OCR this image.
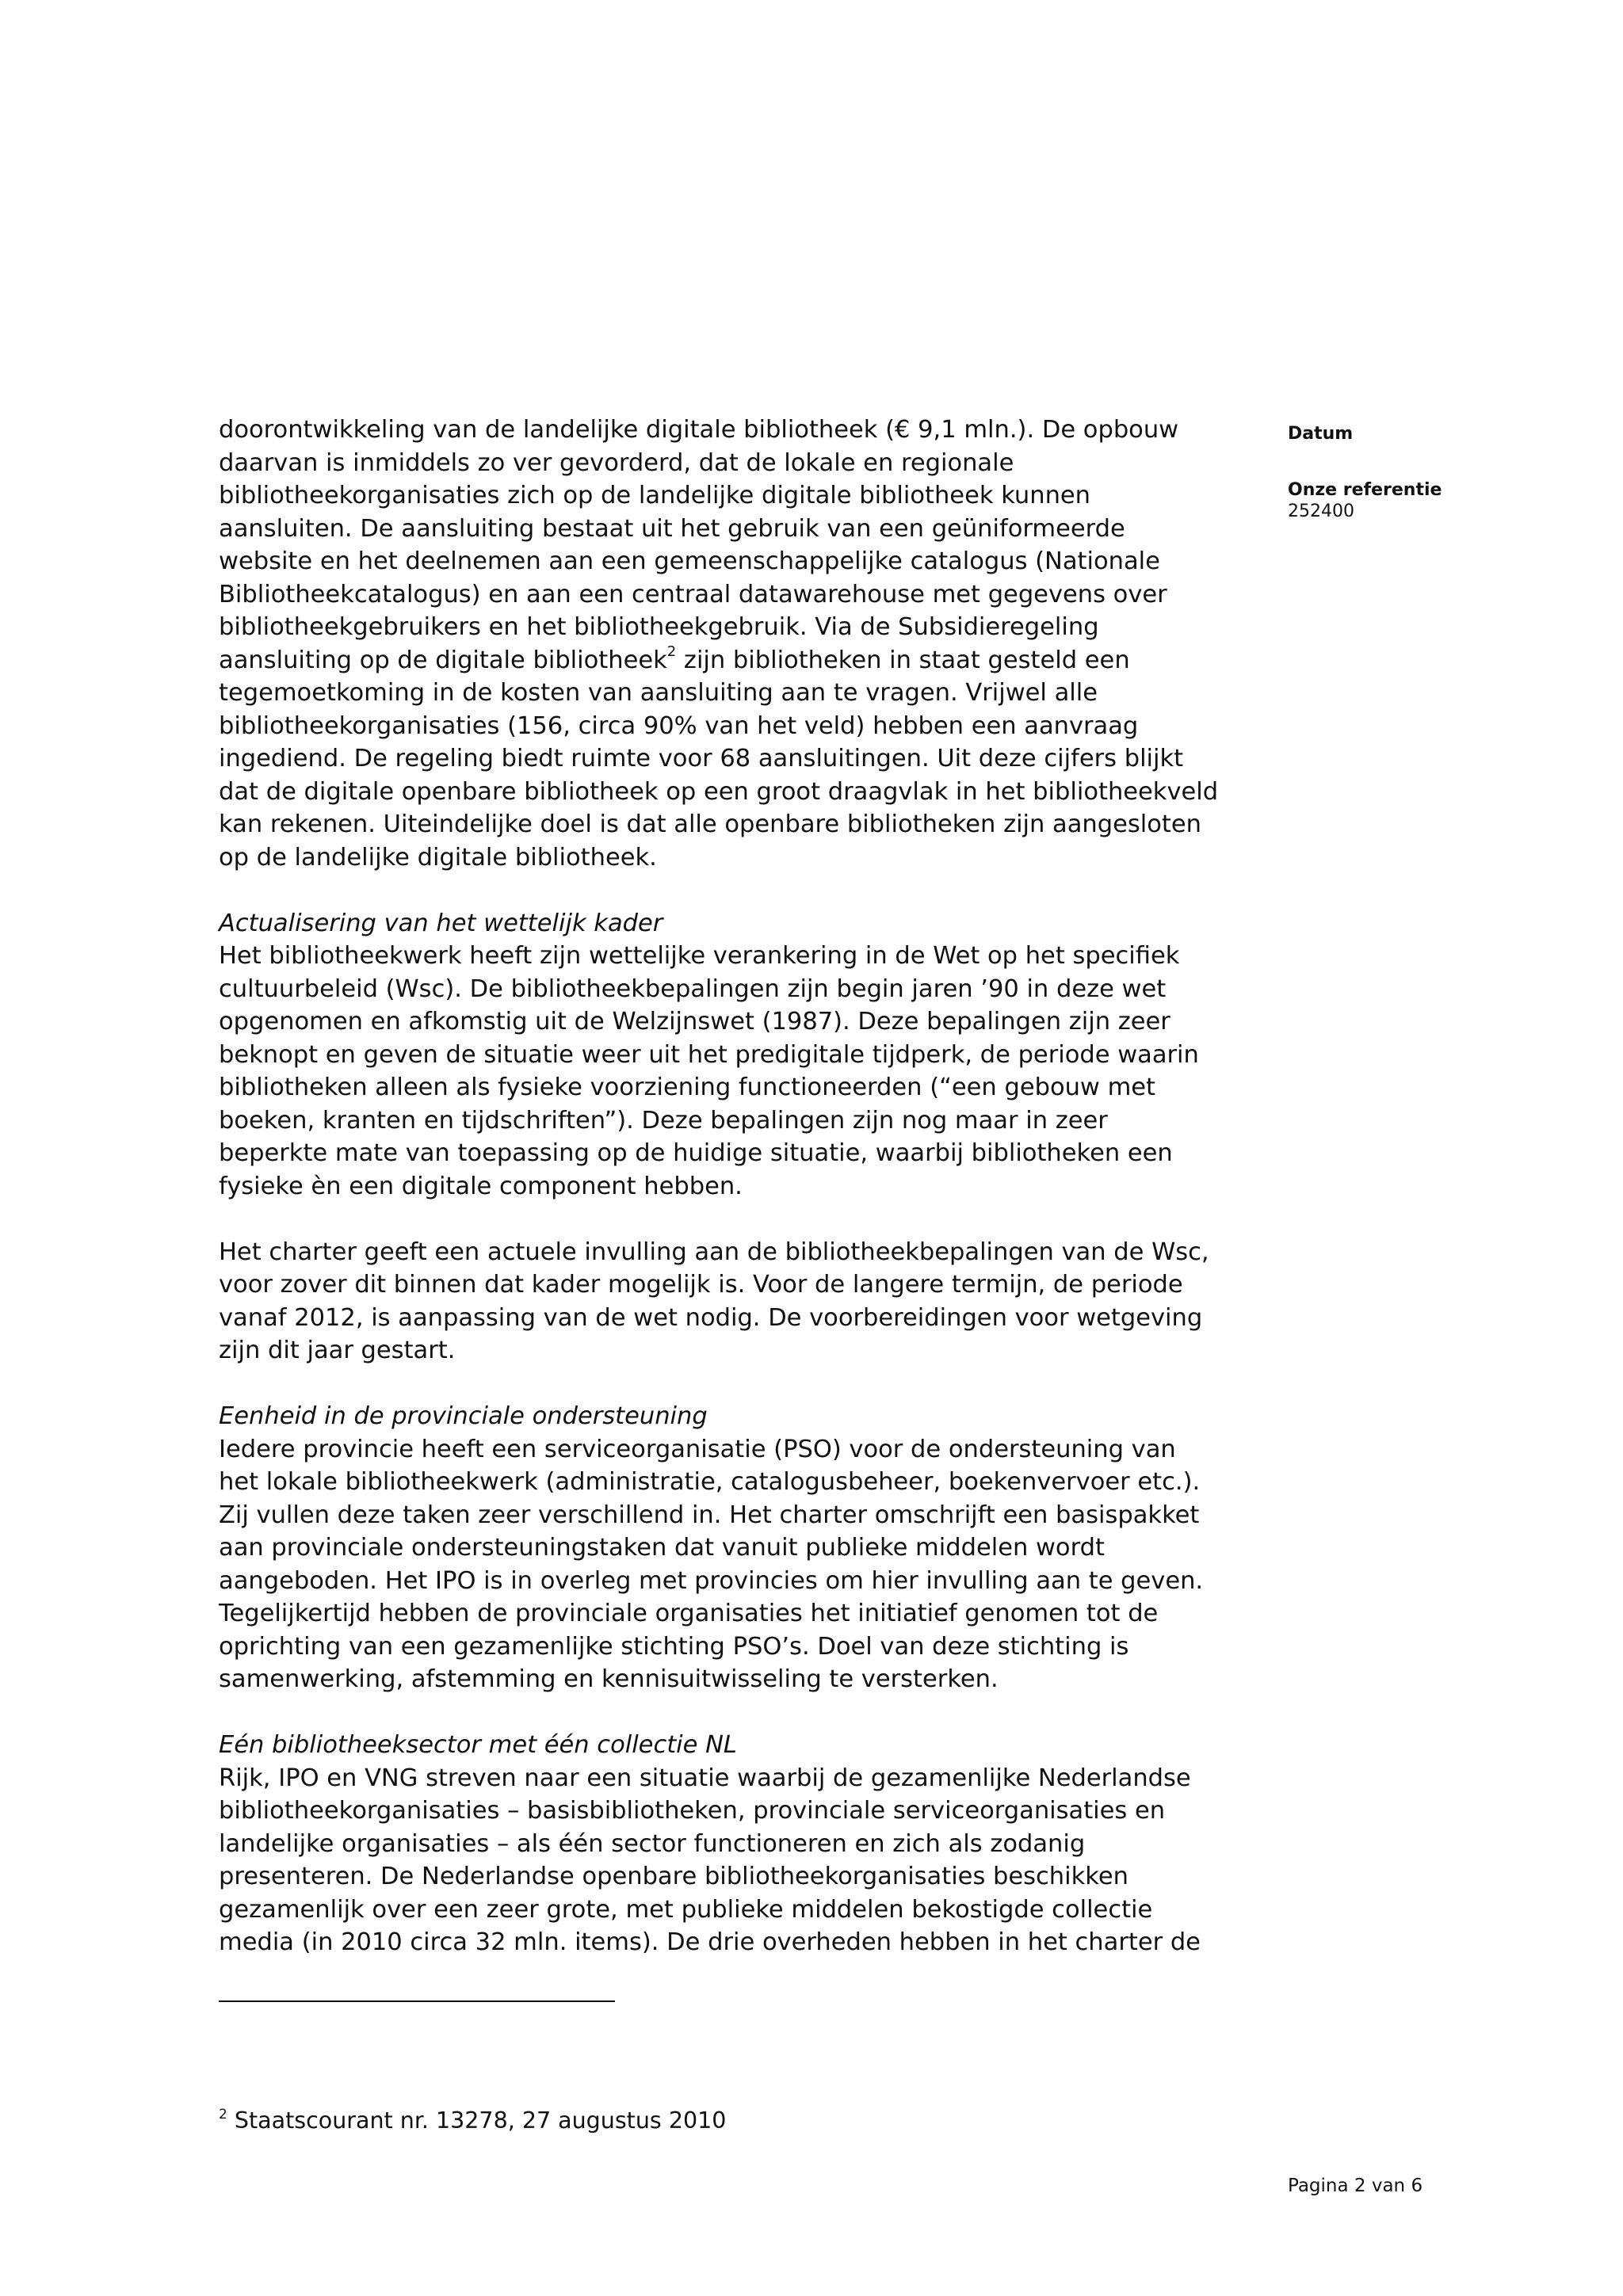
doorontwikkeling van de landelijke digitale bibliotheek (€ 9,1 mln.). De opbouw
daarvan is inmiddels zo ver gevorderd, dat de lokale en regionale
bibliotheekorganisaties zich op de landelijke digitale bibliotheek kunnen
aansluiten. De aansluiting bestaat uit het gebruik van een geüniformeerde
website en het deelnemen aan een gemeenschappelijke catalogus (Nationale
Bibliotheekcatalogus) en aan een centraal datawarehouse met gegevens over
bibliotheekgebruikers en het bibliotheekgebruik. Via de Subsidieregeling
aansluiting op de digitale bibliotheek$^2$ zijn bibliotheken in staat gesteld een
tegemoetkoming in de kosten van aansluiting aan te vragen. Vrijwel alle
bibliotheekorganisaties (156, circa 90% van het veld) hebben een aanvraag
ingediend. De regeling biedt ruimte voor 68 aansluitingen. Uit deze cijfers blijkt
dat de digitale openbare bibliotheek op een groot draagvlak in het bibliotheekveld
kan rekenen. Uiteindelijke doel is dat alle openbare bibliotheken zijn aangesloten
op de landelijke digitale bibliotheek.

Actualisering van het wettelijk kader
Het bibliotheekwerk heeft zijn wettelijke verankering in de Wet op het specifiek
cultuurbeleid (Wsc). De bibliotheekbepalingen zijn begin jaren ’90 in deze wet
opgenomen en afkomstig uit de Welzijnswet (1987). Deze bepalingen zijn zeer
beknopt en geven de situatie weer uit het predigitale tijdperk, de periode waarin
bibliotheken alleen als fysieke voorziening functioneerden (“een gebouw met
boeken, kranten en tijdschriften”). Deze bepalingen zijn nog maar in zeer
beperkte mate van toepassing op de huidige situatie, waarbij bibliotheken een
fysieke èn een digitale component hebben.

Het charter geeft een actuele invulling aan de bibliotheekbepalingen van de Wsc,
voor zover dit binnen dat kader mogelijk is. Voor de langere termijn, de periode
vanaf 2012, is aanpassing van de wet nodig. De voorbereidingen voor wetgeving
zijn dit jaar gestart.

Eenheid in de provinciale ondersteuning
Iedere provincie heeft een serviceorganisatie (PSO) voor de ondersteuning van
het lokale bibliotheekwerk (administratie, catalogusbeheer, boekenvervoer etc.).
Zij vullen deze taken zeer verschillend in. Het charter omschrijft een basispakket
aan provinciale ondersteuningstaken dat vanuit publieke middelen wordt
aangeboden. Het IPO is in overleg met provincies om hier invulling aan te geven.
Tegelijkertijd hebben de provinciale organisaties het initiatief genomen tot de
oprichting van een gezamenlijke stichting PSO’s. Doel van deze stichting is
samenwerking, afstemming en kennisuitwisseling te versterken.

Eén bibliotheeksector met één collectie NL
Rijk, IPO en VNG streven naar een situatie waarbij de gezamenlijke Nederlandse
bibliotheekorganisaties – basisbibliotheken, provinciale serviceorganisaties en
landelijke organisaties – als één sector functioneren en zich als zodanig
presenteren. De Nederlandse openbare bibliotheekorganisaties beschikken
gezamenlijk over een zeer grote, met publieke middelen bekostigde collectie
media (in 2010 circa 32 mln. items). De drie overheden hebben in het charter de

Datum
Onze referentie
252400
$^2$ Staatscourant nr. 13278, 27 augustus 2010
Pagina 2 van 6
